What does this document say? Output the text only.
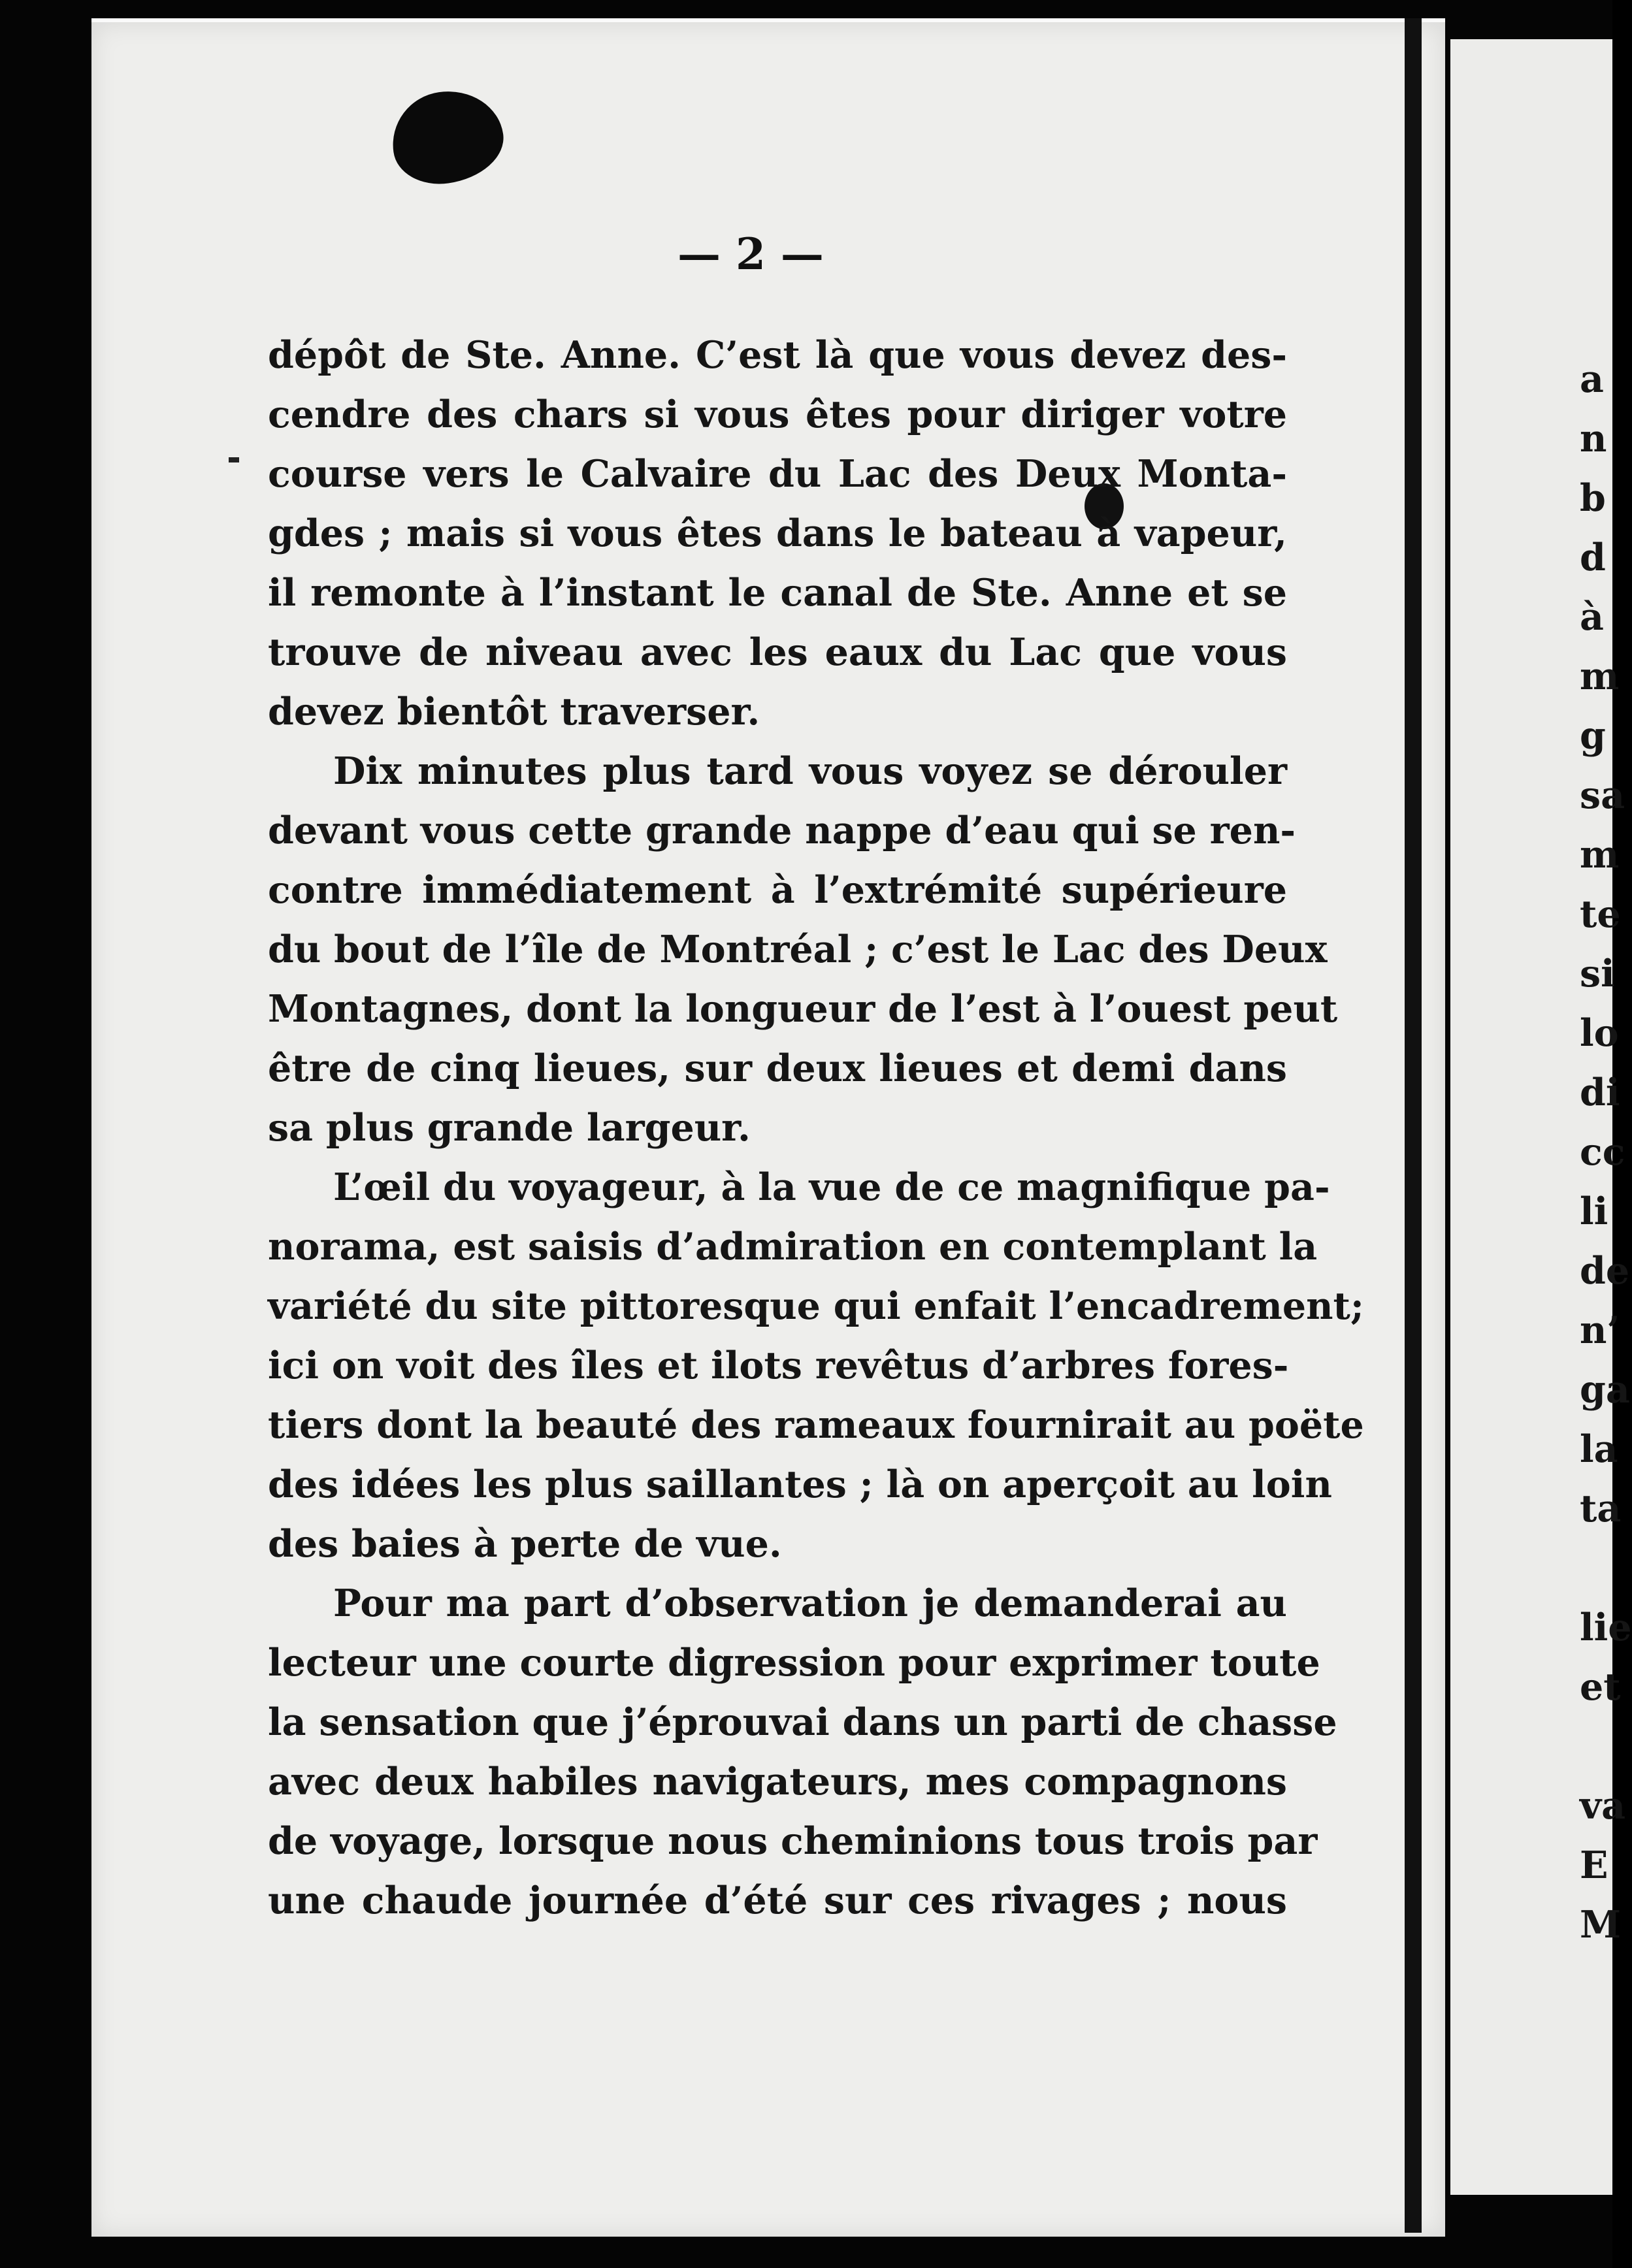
— 2 —

dépôt de Ste. Anne. C’est là que vous devez des-
cendre des chars si vous êtes pour diriger votre
course vers le Calvaire du Lac des Deux Monta-
gdes ; mais si vous êtes dans le bateau à vapeur,
il remonte à l’instant le canal de Ste. Anne et se
trouve de niveau avec les eaux du Lac que vous
devez bientôt traverser.

Dix minutes plus tard vous voyez se dérouler
devant vous cette grande nappe d’eau qui se ren-
contre immédiatement à l’extrémité supérieure
du bout de l’île de Montréal ; c’est le Lac des Deux
Montagnes, dont la longueur de l’est à l’ouest peut
être de cinq lieues, sur deux lieues et demi dans
sa plus grande largeur.

L’œil du voyageur, à la vue de ce magnifique pa-
norama, est saisis d’admiration en contemplant la
variété du site pittoresque qui enfait l’encadrement;
ici on voit des îles et ilots revêtus d’arbres fores-
tiers dont la beauté des rameaux fournirait au poëte
des idées les plus saillantes ; là on aperçoit au loin
des baies à perte de vue.

Pour ma part d’observation je demanderai au
lecteur une courte digression pour exprimer toute
la sensation que j’éprouvai dans un parti de chasse
avec deux habiles navigateurs, mes compagnons
de voyage, lorsque nous cheminions tous trois par
une chaude journée d’été sur ces rivages ; nous

a
n
b
d
à
m
g
sa
m
te
si
lo
di
cc
li
de
n’
ga
la
ta

lie
et

va
E
M
